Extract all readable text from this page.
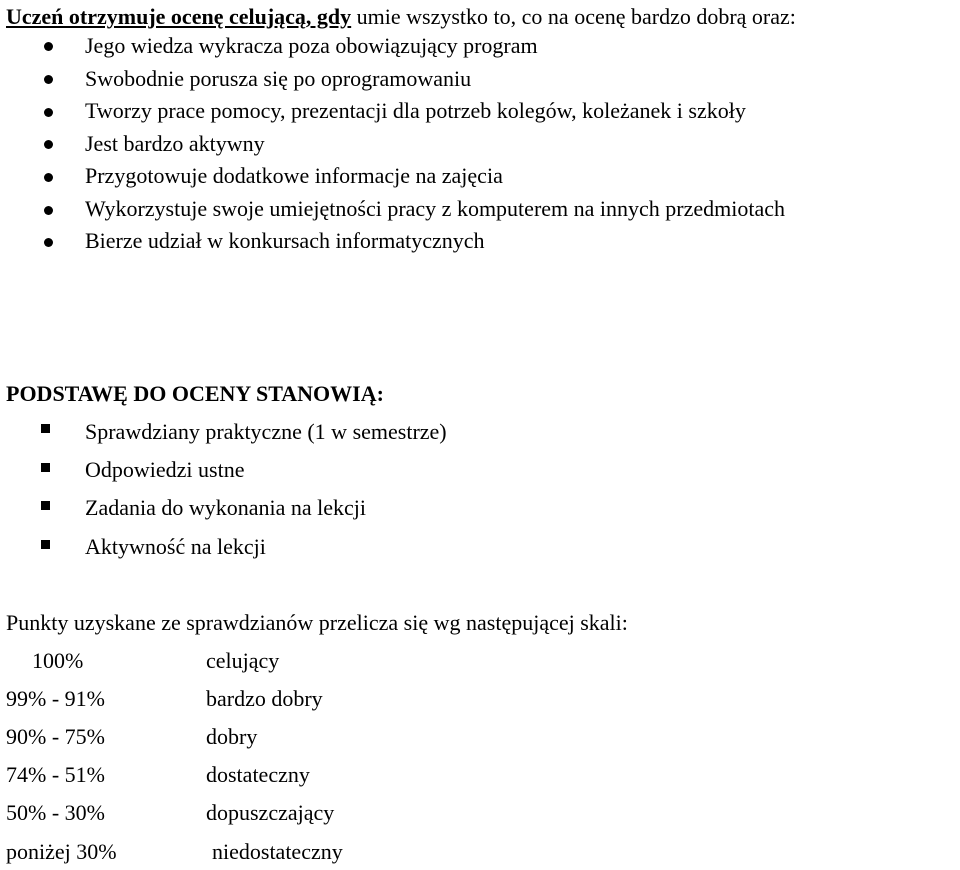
Uczeń otrzymuje ocenę celującą, gdy umie wszystko to, co na ocenę bardzo dobrą oraz:
Jego wiedza wykracza poza obowiązujący program
Swobodnie porusza się po oprogramowaniu
Tworzy prace pomocy, prezentacji dla potrzeb kolegów, koleżanek i szkoły
Jest bardzo aktywny
Przygotowuje dodatkowe informacje na zajęcia
Wykorzystuje swoje umiejętności pracy z komputerem na innych przedmiotach
Bierze udział w konkursach informatycznych
PODSTAWĘ DO OCENY STANOWIĄ:
Sprawdziany praktyczne (1 w semestrze)
Odpowiedzi ustne
Zadania do wykonania na lekcji
Aktywność na lekcji
Punkty uzyskane ze sprawdzianów przelicza się wg następującej skali:
100%	celujący
99% - 91%	bardzo dobry
90% - 75%	dobry
74% - 51%	dostateczny
50% - 30%	dopuszczający
poniżej 30%	niedostateczny
